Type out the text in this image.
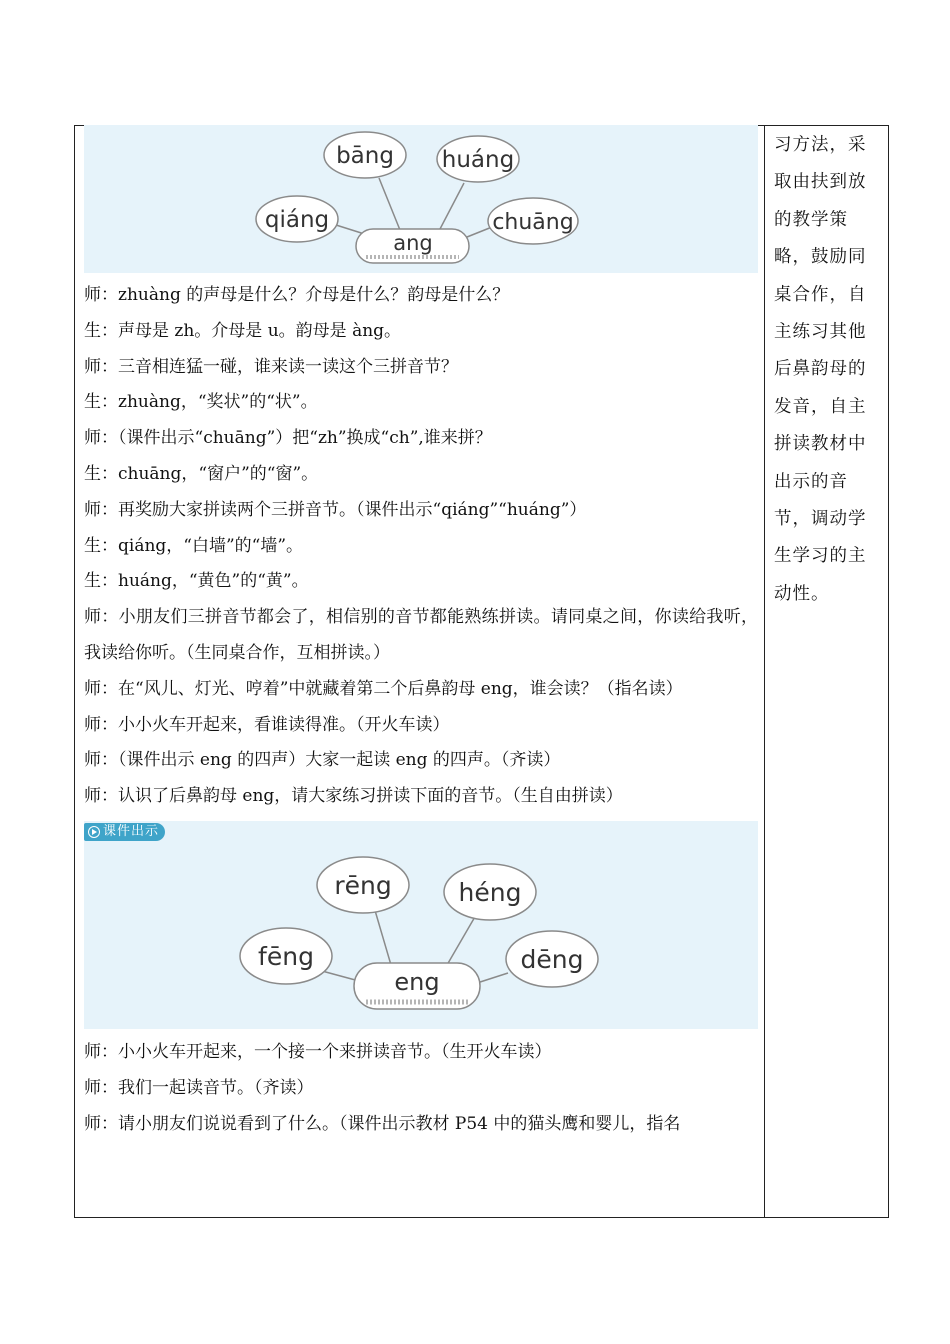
bāng huáng
qiáng	chuāng
ang

师：zhuàng 的声母是什么？介母是什么？韵母是什么？

生：声母是 zh。介母是 u。韵母是 àng。

师：三音相连猛一碰，谁来读一读这个三拼音节？

生：zhuàng，“奖状”的“状”。

师：（课件出示“chuāng”）把“zh”换成“ch”,谁来拼？

生：chuāng，“窗户”的“窗”。

师：再奖励大家拼读两个三拼音节。（课件出示“qiáng”“huáng”）

生：qiáng，“白墙”的“墙”。

生：huáng，“黄色”的“黄”。

师：小朋友们三拼音节都会了，相信别的音节都能熟练拼读。请同桌之间，你读给我听，我读给你听。（生同桌合作，互相拼读。）

师：在“风儿、灯光、哼着”中就藏着第二个后鼻韵母 eng，谁会读？（指名读）

师：小小火车开起来，看谁读得准。（开火车读）

师：（课件出示 eng 的四声）大家一起读 eng 的四声。（齐读）

师：认识了后鼻韵母 eng，请大家练习拼读下面的音节。（生自由拼读）

rēng	héng
fēng	dēng
eng
课件出示

师：小小火车开起来，一个接一个来拼读音节。（生开火车读）

师：我们一起读音节。（齐读）

师：请小朋友们说说看到了什么。（课件出示教材 P54 中的猫头鹰和婴儿，指名

习方法，采
取由扶到放
的教学策
略，鼓励同
桌合作，自
主练习其他
后鼻韵母的
发音，自主
拼读教材中
出示的音
节，调动学
生学习的主
动性。
